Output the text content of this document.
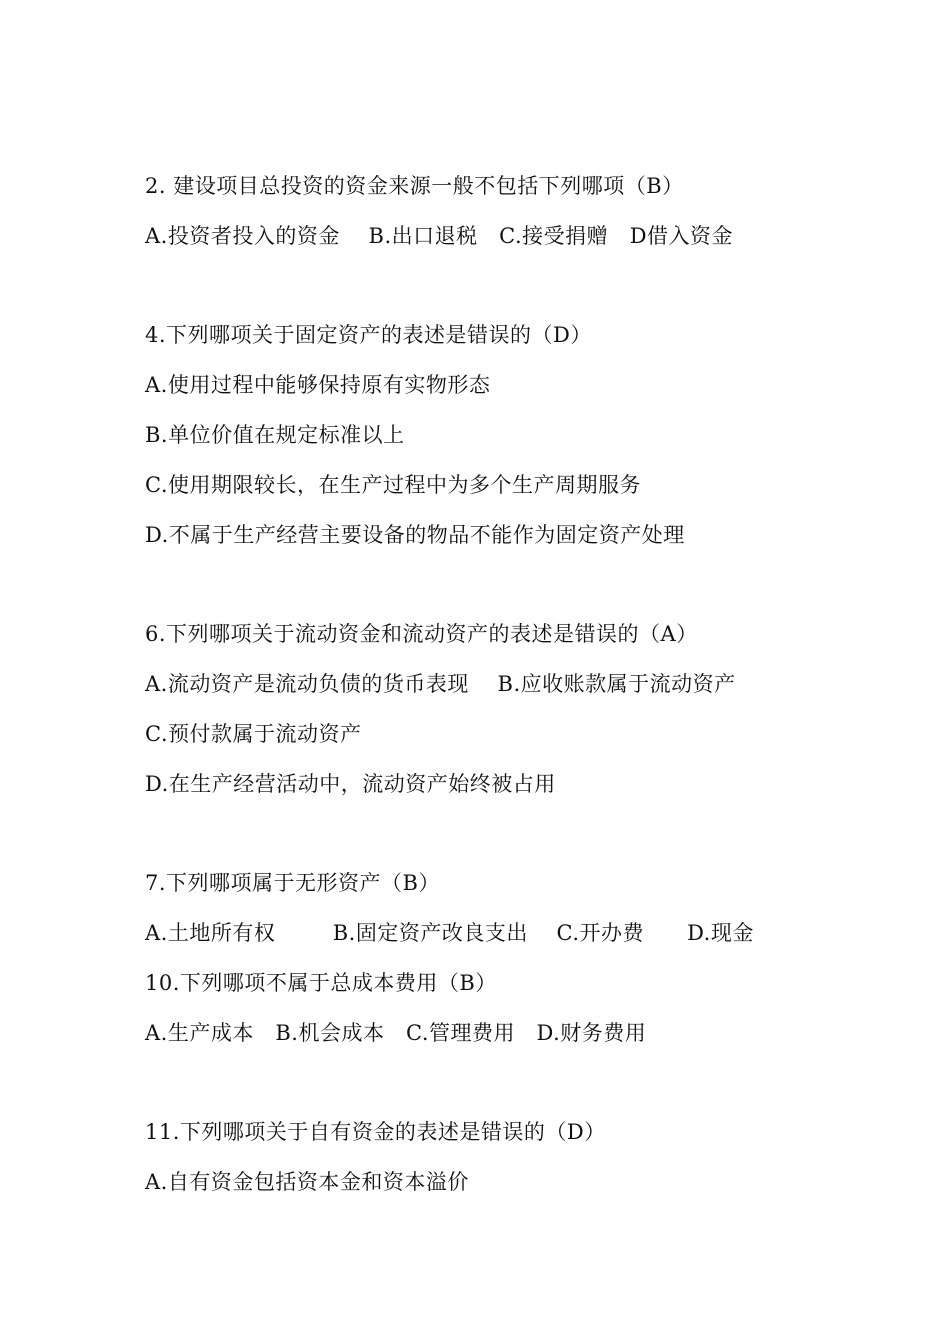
2. 建设项目总投资的资金来源一般不包括下列哪项（B）
A.投资者投入的资金    B.出口退税   C.接受捐赠   D借入资金
4.下列哪项关于固定资产的表述是错误的（D）
A.使用过程中能够保持原有实物形态
B.单位价值在规定标准以上
C.使用期限较长，在生产过程中为多个生产周期服务
D.不属于生产经营主要设备的物品不能作为固定资产处理
6.下列哪项关于流动资金和流动资产的表述是错误的（A）
A.流动资产是流动负债的货币表现    B.应收账款属于流动资产
C.预付款属于流动资产
D.在生产经营活动中，流动资产始终被占用
7.下列哪项属于无形资产（B）
A.土地所有权        B.固定资产改良支出    C.开办费      D.现金
10.下列哪项不属于总成本费用（B）
A.生产成本   B.机会成本   C.管理费用   D.财务费用
11.下列哪项关于自有资金的表述是错误的（D）
A.自有资金包括资本金和资本溢价
